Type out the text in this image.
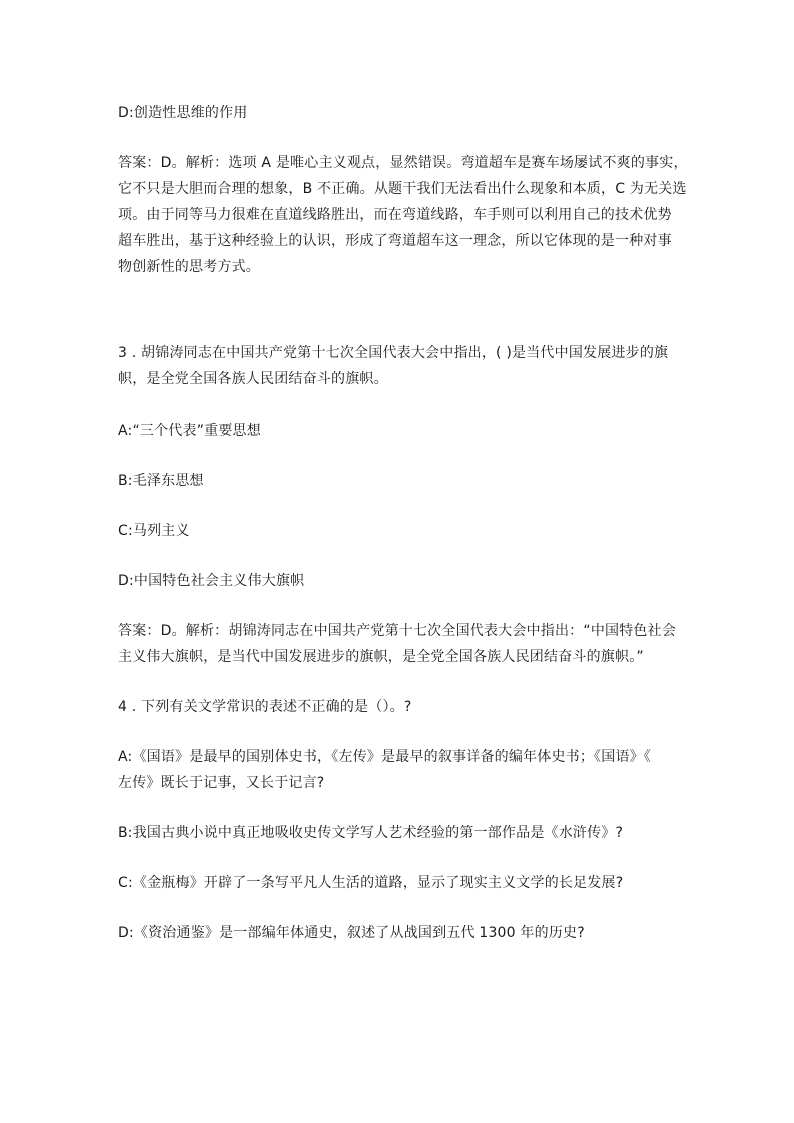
D:创造性思维的作用

答案：D。解析：选项 A 是唯心主义观点，显然错误。弯道超车是赛车场屡试不爽的事实，
它不只是大胆而合理的想象，B 不正确。从题干我们无法看出什么现象和本质，C 为无关选
项。由于同等马力很难在直道线路胜出，而在弯道线路，车手则可以利用自己的技术优势
超车胜出，基于这种经验上的认识，形成了弯道超车这一理念，所以它体现的是一种对事
物创新性的思考方式。

3 . 胡锦涛同志在中国共产党第十七次全国代表大会中指出，( )是当代中国发展进步的旗
帜，是全党全国各族人民团结奋斗的旗帜。

A:“三个代表”重要思想

B:毛泽东思想

C:马列主义

D:中国特色社会主义伟大旗帜

答案：D。解析：胡锦涛同志在中国共产党第十七次全国代表大会中指出：“中国特色社会
主义伟大旗帜，是当代中国发展进步的旗帜，是全党全国各族人民团结奋斗的旗帜。”

4 . 下列有关文学常识的表述不正确的是（）。?

A:《国语》是最早的国别体史书，《左传》是最早的叙事详备的编年体史书；《国语》《
左传》既长于记事，又长于记言?

B:我国古典小说中真正地吸收史传文学写人艺术经验的第一部作品是《水浒传》?

C:《金瓶梅》开辟了一条写平凡人生活的道路，显示了现实主义文学的长足发展?

D:《资治通鉴》是一部编年体通史，叙述了从战国到五代 1300 年的历史?
